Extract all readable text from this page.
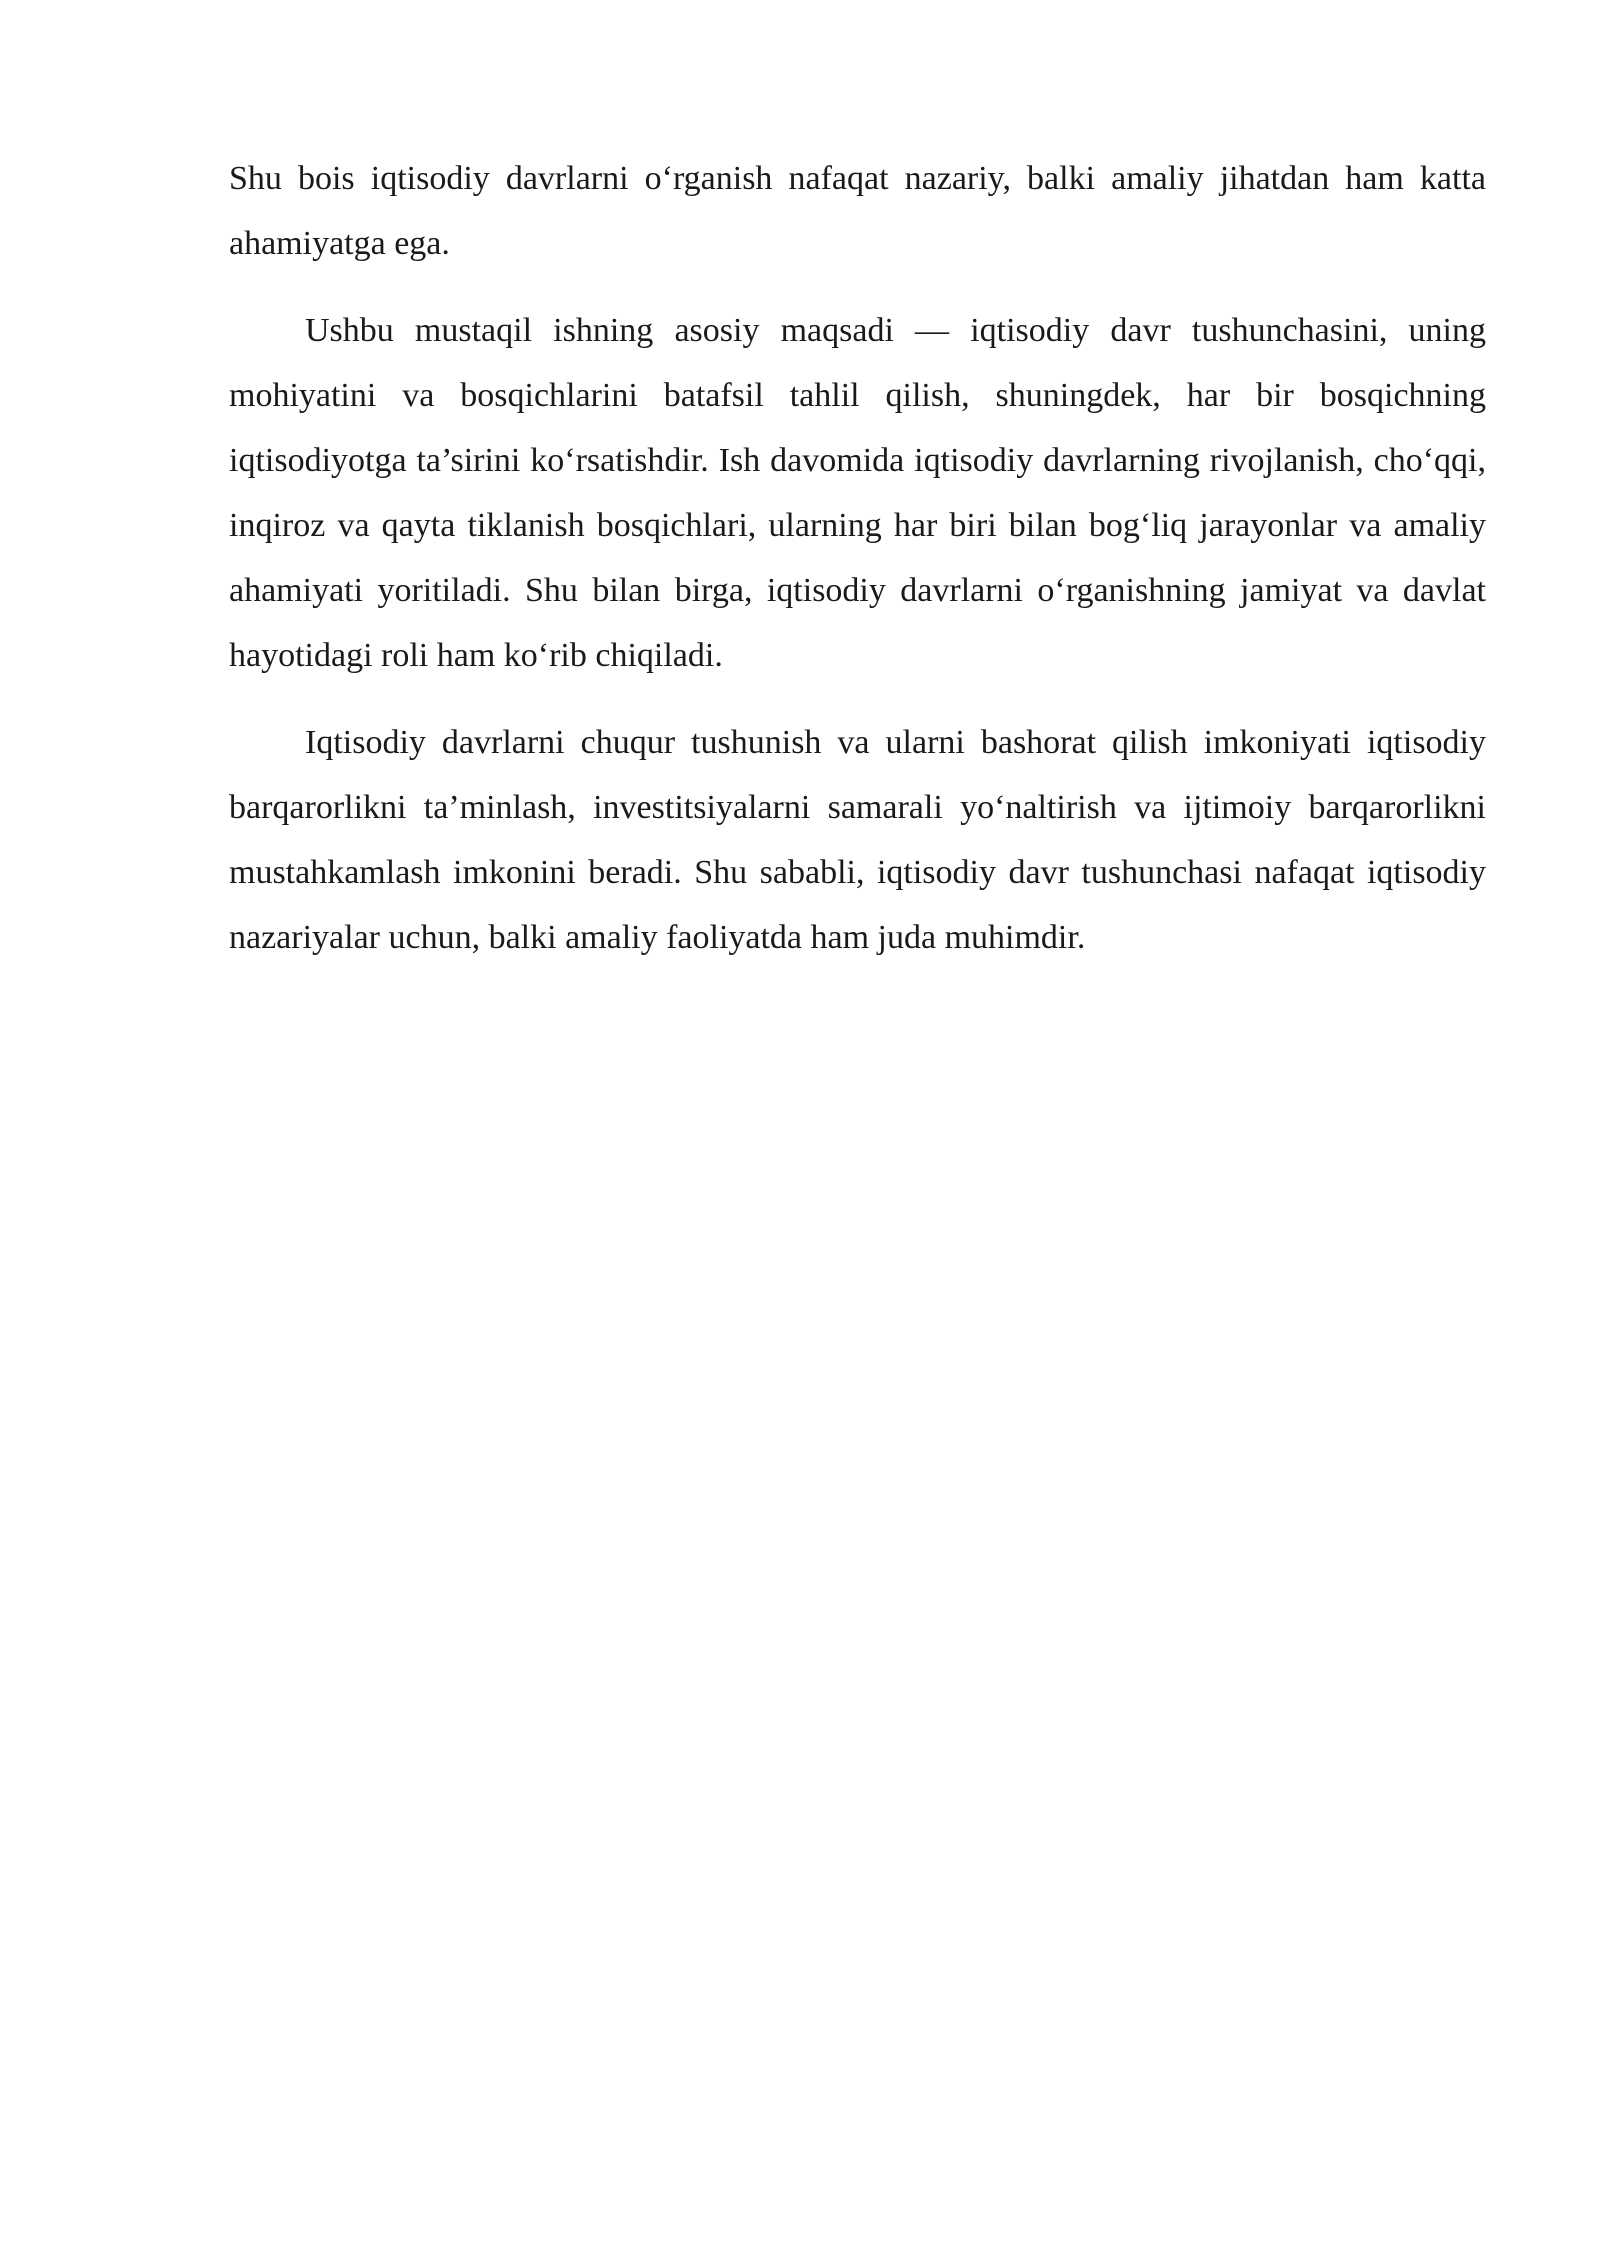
Shu bois iqtisodiy davrlarni o‘rganish nafaqat nazariy, balki amaliy jihatdan ham katta ahamiyatga ega.

Ushbu mustaqil ishning asosiy maqsadi — iqtisodiy davr tushunchasini, uning mohiyatini va bosqichlarini batafsil tahlil qilish, shuningdek, har bir bosqichning iqtisodiyotga ta’sirini ko‘rsatishdir. Ish davomida iqtisodiy davrlarning rivojlanish, cho‘qqi, inqiroz va qayta tiklanish bosqichlari, ularning har biri bilan bog‘liq jarayonlar va amaliy ahamiyati yoritiladi. Shu bilan birga, iqtisodiy davrlarni o‘rganishning jamiyat va davlat hayotidagi roli ham ko‘rib chiqiladi.

Iqtisodiy davrlarni chuqur tushunish va ularni bashorat qilish imkoniyati iqtisodiy barqarorlikni ta’minlash, investitsiyalarni samarali yo‘naltirish va ijtimoiy barqarorlikni mustahkamlash imkonini beradi. Shu sababli, iqtisodiy davr tushunchasi nafaqat iqtisodiy nazariyalar uchun, balki amaliy faoliyatda ham juda muhimdir.
